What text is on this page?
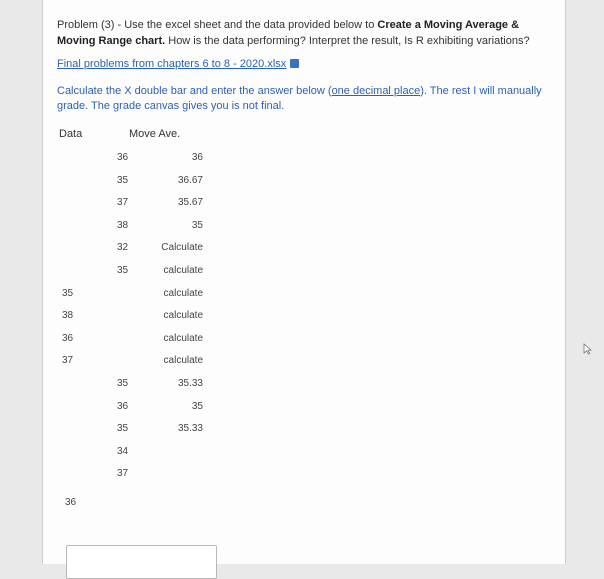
Problem (3) - Use the excel sheet and the data provided below to Create a Moving Average & Moving Range chart. How is the data performing? Interpret the result, Is R exhibiting variations?

Final problems from chapters 6 to 8 - 2020.xlsx

Calculate the X double bar and enter the answer below (one decimal place). The rest I will manually grade. The grade canvas gives you is not final.

Data	Move Ave.
36	36
35	36.67
37	35.67
38	35
32	Calculate
35	calculate
35	calculate
38	calculate
36	calculate
37	calculate
35	35.33
36	35
35	35.33
34
37
36
